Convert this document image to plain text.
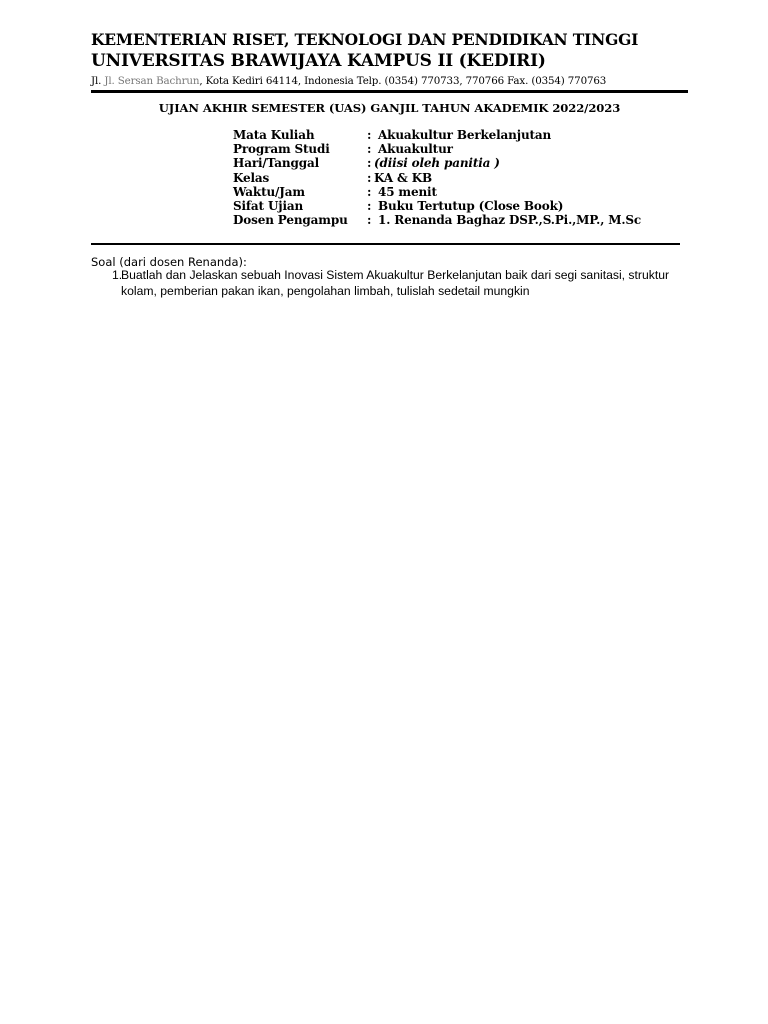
KEMENTERIAN RISET, TEKNOLOGI DAN PENDIDIKAN TINGGI
UNIVERSITAS BRAWIJAYA KAMPUS II (KEDIRI)
Jl. Jl. Sersan Bachrun, Kota Kediri 64114, Indonesia Telp. (0354) 770733, 770766 Fax. (0354) 770763
UJIAN AKHIR SEMESTER (UAS) GANJIL TAHUN AKADEMIK 2022/2023
Mata Kuliah	:	Akuakultur Berkelanjutan
Program Studi	:	Akuakultur
Hari/Tanggal	:	(diisi oleh panitia )
Kelas	:	KA & KB
Waktu/Jam	:	45 menit
Sifat Ujian	:	Buku Tertutup (Close Book)
Dosen Pengampu	:	1. Renanda Baghaz DSP.,S.Pi.,MP., M.Sc
Soal (dari dosen Renanda):
1.
Buatlah dan Jelaskan sebuah Inovasi Sistem Akuakultur Berkelanjutan baik dari segi sanitasi, struktur kolam, pemberian pakan ikan, pengolahan limbah, tulislah sedetail mungkin
